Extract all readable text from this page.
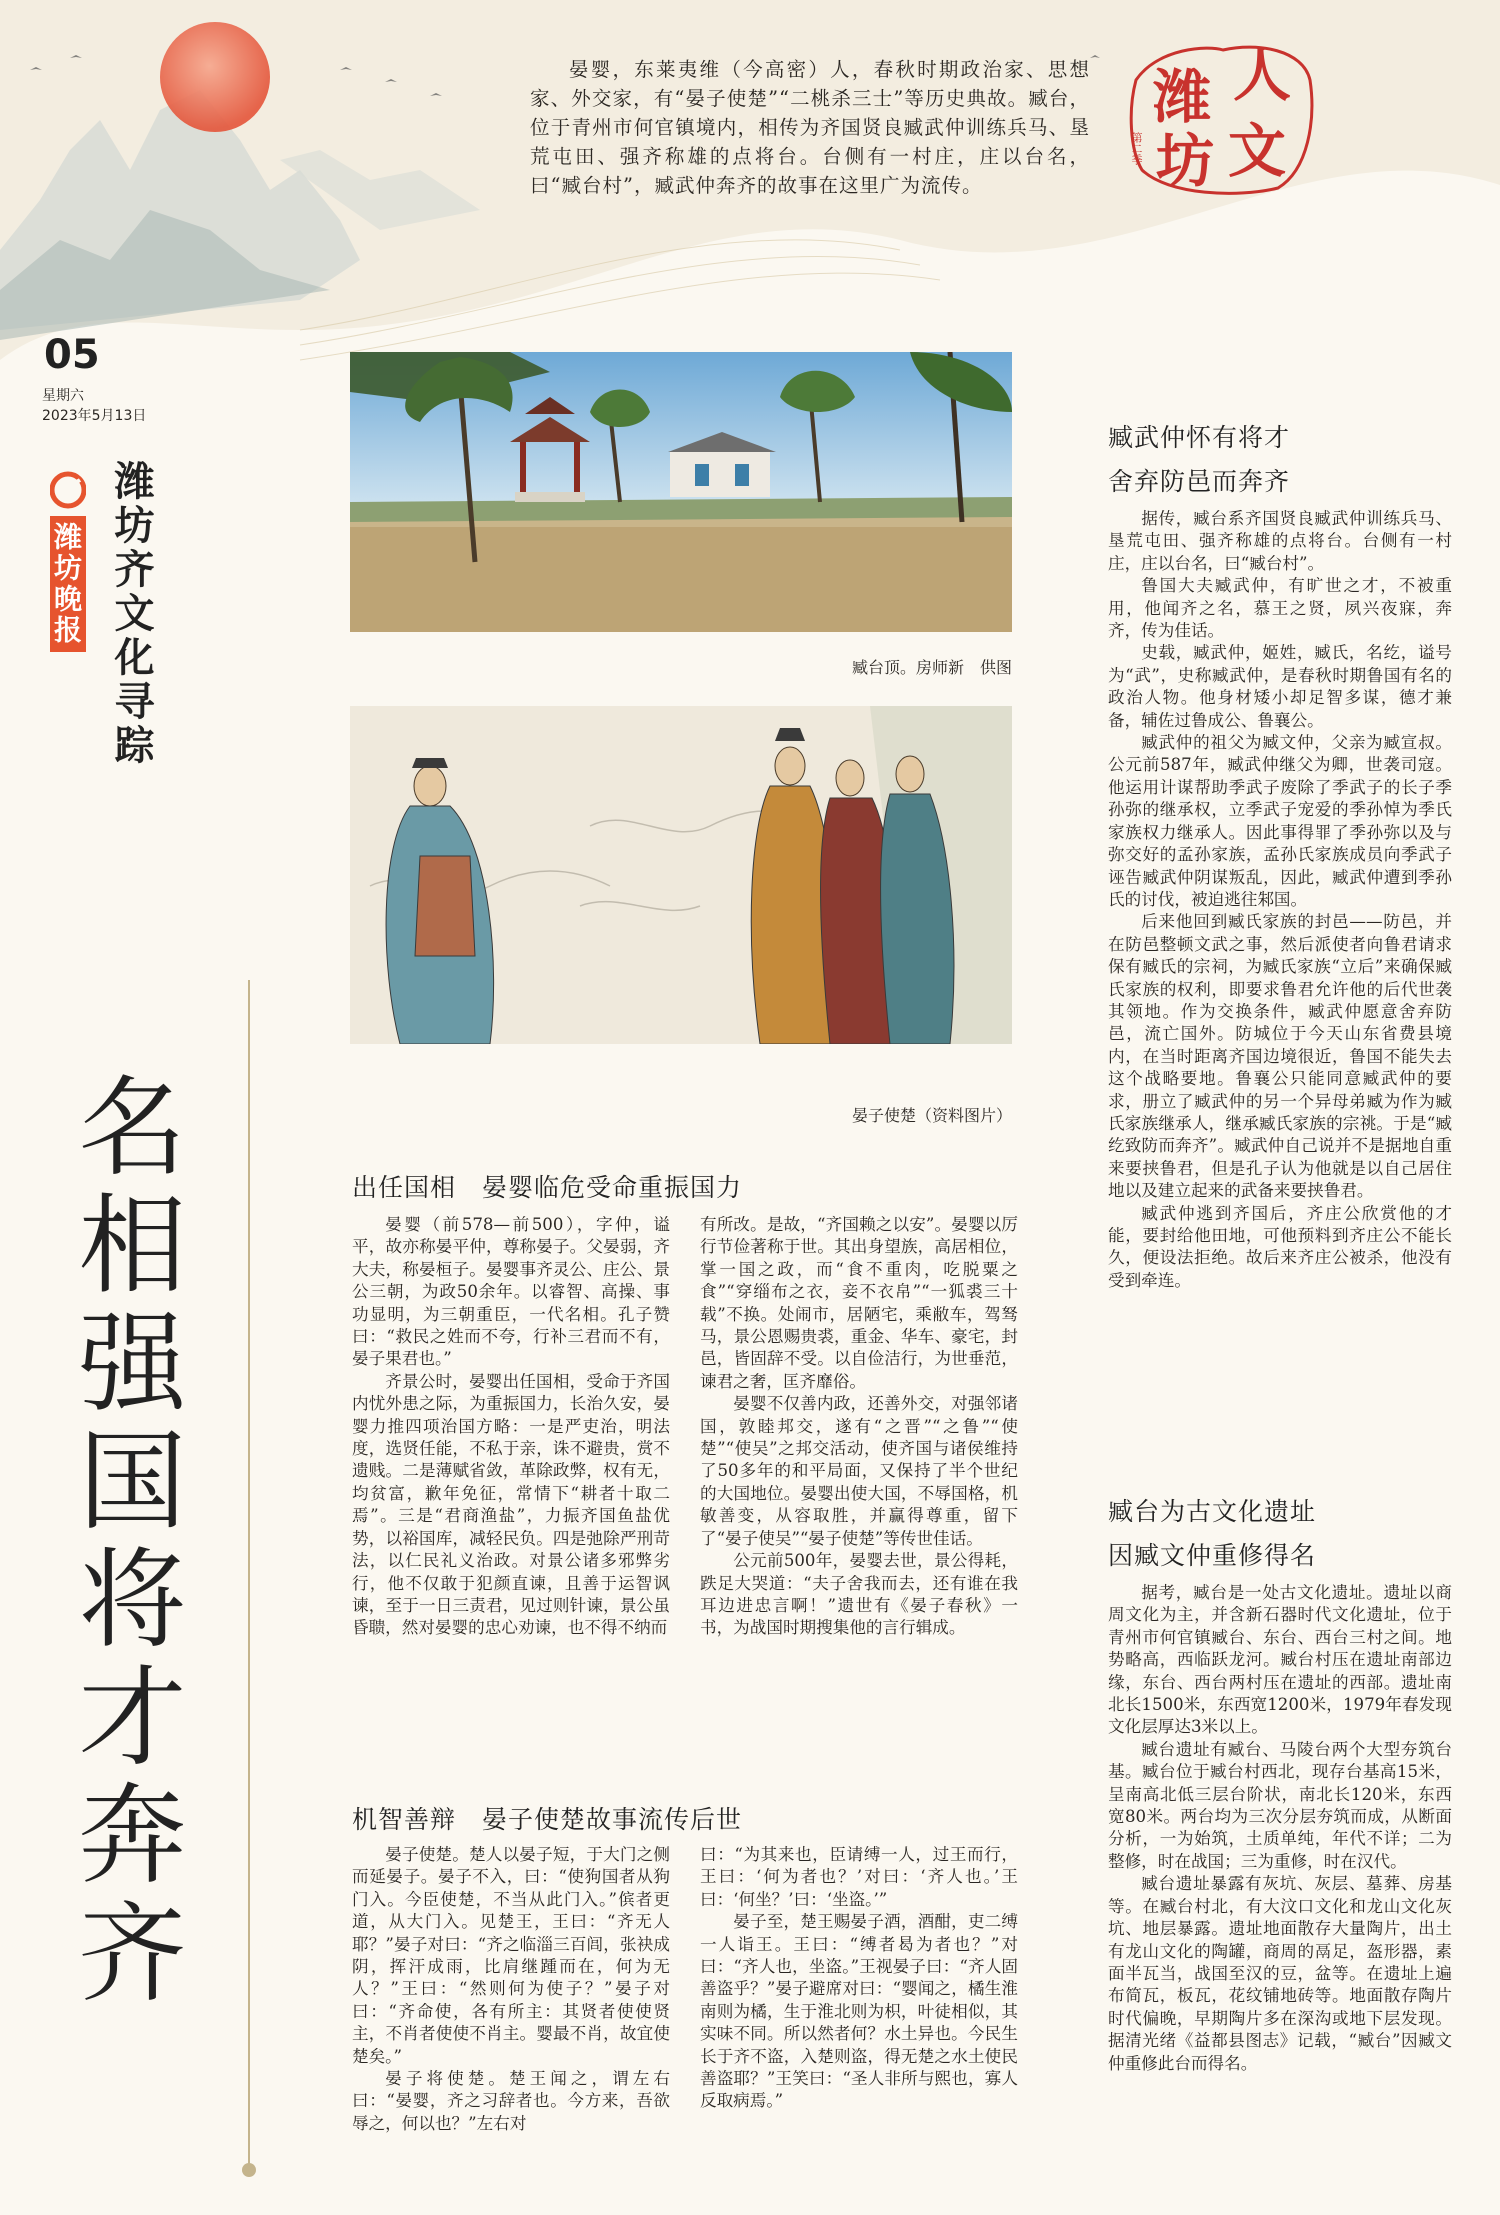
晏婴，东莱夷维（今高密）人，春秋时期政治家、思想家、外交家，有“晏子使楚”“二桃杀三士”等历史典故。臧台，位于青州市何官镇境内，相传为齐国贤良臧武仲训练兵马、垦荒屯田、强齐称雄的点将台。台侧有一村庄，庄以台名，曰“臧台村”，臧武仲奔齐的故事在这里广为流传。
人
潍
文
坊
第二季
05
星期六
2023年5月13日
潍坊晚报 潍坊齐文化寻踪
名相强国将才奔齐
臧台顶。房师新　供图
晏子使楚（资料图片）
出任国相　晏婴临危受命重振国力

晏婴（前578—前500），字仲，谥平，故亦称晏平仲，尊称晏子。父晏弱，齐大夫，称晏桓子。晏婴事齐灵公、庄公、景公三朝，为政50余年。以睿智、高操、事功显明，为三朝重臣，一代名相。孔子赞曰：“救民之姓而不夸，行补三君而不有，晏子果君也。”

齐景公时，晏婴出任国相，受命于齐国内忧外患之际，为重振国力，长治久安，晏婴力推四项治国方略：一是严吏治，明法度，选贤任能，不私于亲，诛不避贵，赏不遗贱。二是薄赋省敛，革除政弊，权有无，均贫富，歉年免征，常情下“耕者十取二焉”。三是“君商渔盐”，力振齐国鱼盐优势，以裕国库，减轻民负。四是弛除严刑苛法，以仁民礼义治政。对景公诸多邪弊劣行，他不仅敢于犯颜直谏，且善于运智讽谏，至于一日三责君，见过则针谏，景公虽昏聩，然对晏婴的忠心劝谏，也不得不纳而

有所改。是故，“齐国赖之以安”。晏婴以厉行节俭著称于世。其出身望族，高居相位，掌一国之政，而“食不重肉，吃脱粟之食”“穿缁布之衣，妾不衣帛”“一狐裘三十载”不换。处闹市，居陋宅，乘敝车，驾驽马，景公恩赐贵裘，重金、华车、豪宅，封邑，皆固辞不受。以自俭洁行，为世垂范，谏君之奢，匡齐靡俗。

晏婴不仅善内政，还善外交，对强邻诸国，敦睦邦交，遂有“之晋”“之鲁”“使楚”“使吴”之邦交活动，使齐国与诸侯维持了50多年的和平局面，又保持了半个世纪的大国地位。晏婴出使大国，不辱国格，机敏善变，从容取胜，并赢得尊重，留下了“晏子使吴”“晏子使楚”等传世佳话。

公元前500年，晏婴去世，景公得耗，跌足大哭道：“夫子舍我而去，还有谁在我耳边进忠言啊！”遗世有《晏子春秋》一书，为战国时期搜集他的言行辑成。

机智善辩　晏子使楚故事流传后世

晏子使楚。楚人以晏子短，于大门之侧而延晏子。晏子不入，曰：“使狗国者从狗门入。今臣使楚，不当从此门入。”傧者更道，从大门入。见楚王，王曰：“齐无人耶？”晏子对曰：“齐之临淄三百闾，张袂成阴，挥汗成雨，比肩继踵而在，何为无人？”王曰：“然则何为使子？”晏子对曰：“齐命使，各有所主：其贤者使使贤主，不肖者使使不肖主。婴最不肖，故宜使楚矣。”

晏子将使楚。楚王闻之，谓左右曰：“晏婴，齐之习辞者也。今方来，吾欲辱之，何以也？”左右对

曰：“为其来也，臣请缚一人，过王而行，王曰：‘何为者也？’对曰：‘齐人也。’王曰：‘何坐？’曰：‘坐盗。’”

晏子至，楚王赐晏子酒，酒酣，吏二缚一人诣王。王曰：“缚者曷为者也？”对曰：“齐人也，坐盗。”王视晏子曰：“齐人固善盗乎？”晏子避席对曰：“婴闻之，橘生淮南则为橘，生于淮北则为枳，叶徒相似，其实味不同。所以然者何？水土异也。今民生长于齐不盗，入楚则盗，得无楚之水土使民善盗耶？”王笑曰：“圣人非所与熙也，寡人反取病焉。”

臧武仲怀有将才
舍弃防邑而奔齐

据传，臧台系齐国贤良臧武仲训练兵马、垦荒屯田、强齐称雄的点将台。台侧有一村庄，庄以台名，曰“臧台村”。

鲁国大夫臧武仲，有旷世之才，不被重用，他闻齐之名，慕王之贤，夙兴夜寐，奔齐，传为佳话。

史载，臧武仲，姬姓，臧氏，名纥，谥号为“武”，史称臧武仲，是春秋时期鲁国有名的政治人物。他身材矮小却足智多谋，德才兼备，辅佐过鲁成公、鲁襄公。

臧武仲的祖父为臧文仲，父亲为臧宣叔。公元前587年，臧武仲继父为卿，世袭司寇。他运用计谋帮助季武子废除了季武子的长子季孙弥的继承权，立季武子宠爱的季孙悼为季氏家族权力继承人。因此事得罪了季孙弥以及与弥交好的孟孙家族，孟孙氏家族成员向季武子诬告臧武仲阴谋叛乱，因此，臧武仲遭到季孙氏的讨伐，被迫逃往邾国。

后来他回到臧氏家族的封邑——防邑，并在防邑整顿文武之事，然后派使者向鲁君请求保有臧氏的宗祠，为臧氏家族“立后”来确保臧氏家族的权利，即要求鲁君允许他的后代世袭其领地。作为交换条件，臧武仲愿意舍弃防邑，流亡国外。防城位于今天山东省费县境内，在当时距离齐国边境很近，鲁国不能失去这个战略要地。鲁襄公只能同意臧武仲的要求，册立了臧武仲的另一个异母弟臧为作为臧氏家族继承人，继承臧氏家族的宗祧。于是“臧纥致防而奔齐”。臧武仲自己说并不是据地自重来要挟鲁君，但是孔子认为他就是以自己居住地以及建立起来的武备来要挟鲁君。

臧武仲逃到齐国后，齐庄公欣赏他的才能，要封给他田地，可他预料到齐庄公不能长久，便设法拒绝。故后来齐庄公被杀，他没有受到牵连。

臧台为古文化遗址
因臧文仲重修得名

据考，臧台是一处古文化遗址。遗址以商周文化为主，并含新石器时代文化遗址，位于青州市何官镇臧台、东台、西台三村之间。地势略高，西临跃龙河。臧台村压在遗址南部边缘，东台、西台两村压在遗址的西部。遗址南北长1500米，东西宽1200米，1979年春发现文化层厚达3米以上。

臧台遗址有臧台、马陵台两个大型夯筑台基。臧台位于臧台村西北，现存台基高15米，呈南高北低三层台阶状，南北长120米，东西宽80米。两台均为三次分层夯筑而成，从断面分析，一为始筑，土质单纯，年代不详；二为整修，时在战国；三为重修，时在汉代。

臧台遗址暴露有灰坑、灰层、墓葬、房基等。在臧台村北，有大汶口文化和龙山文化灰坑、地层暴露。遗址地面散存大量陶片，出土有龙山文化的陶罐，商周的鬲足，盔形器，素面半瓦当，战国至汉的豆，盆等。在遗址上遍布简瓦，板瓦，花纹铺地砖等。地面散存陶片时代偏晚，早期陶片多在深沟或地下层发现。据清光绪《益都县图志》记载，“臧台”因臧文仲重修此台而得名。
